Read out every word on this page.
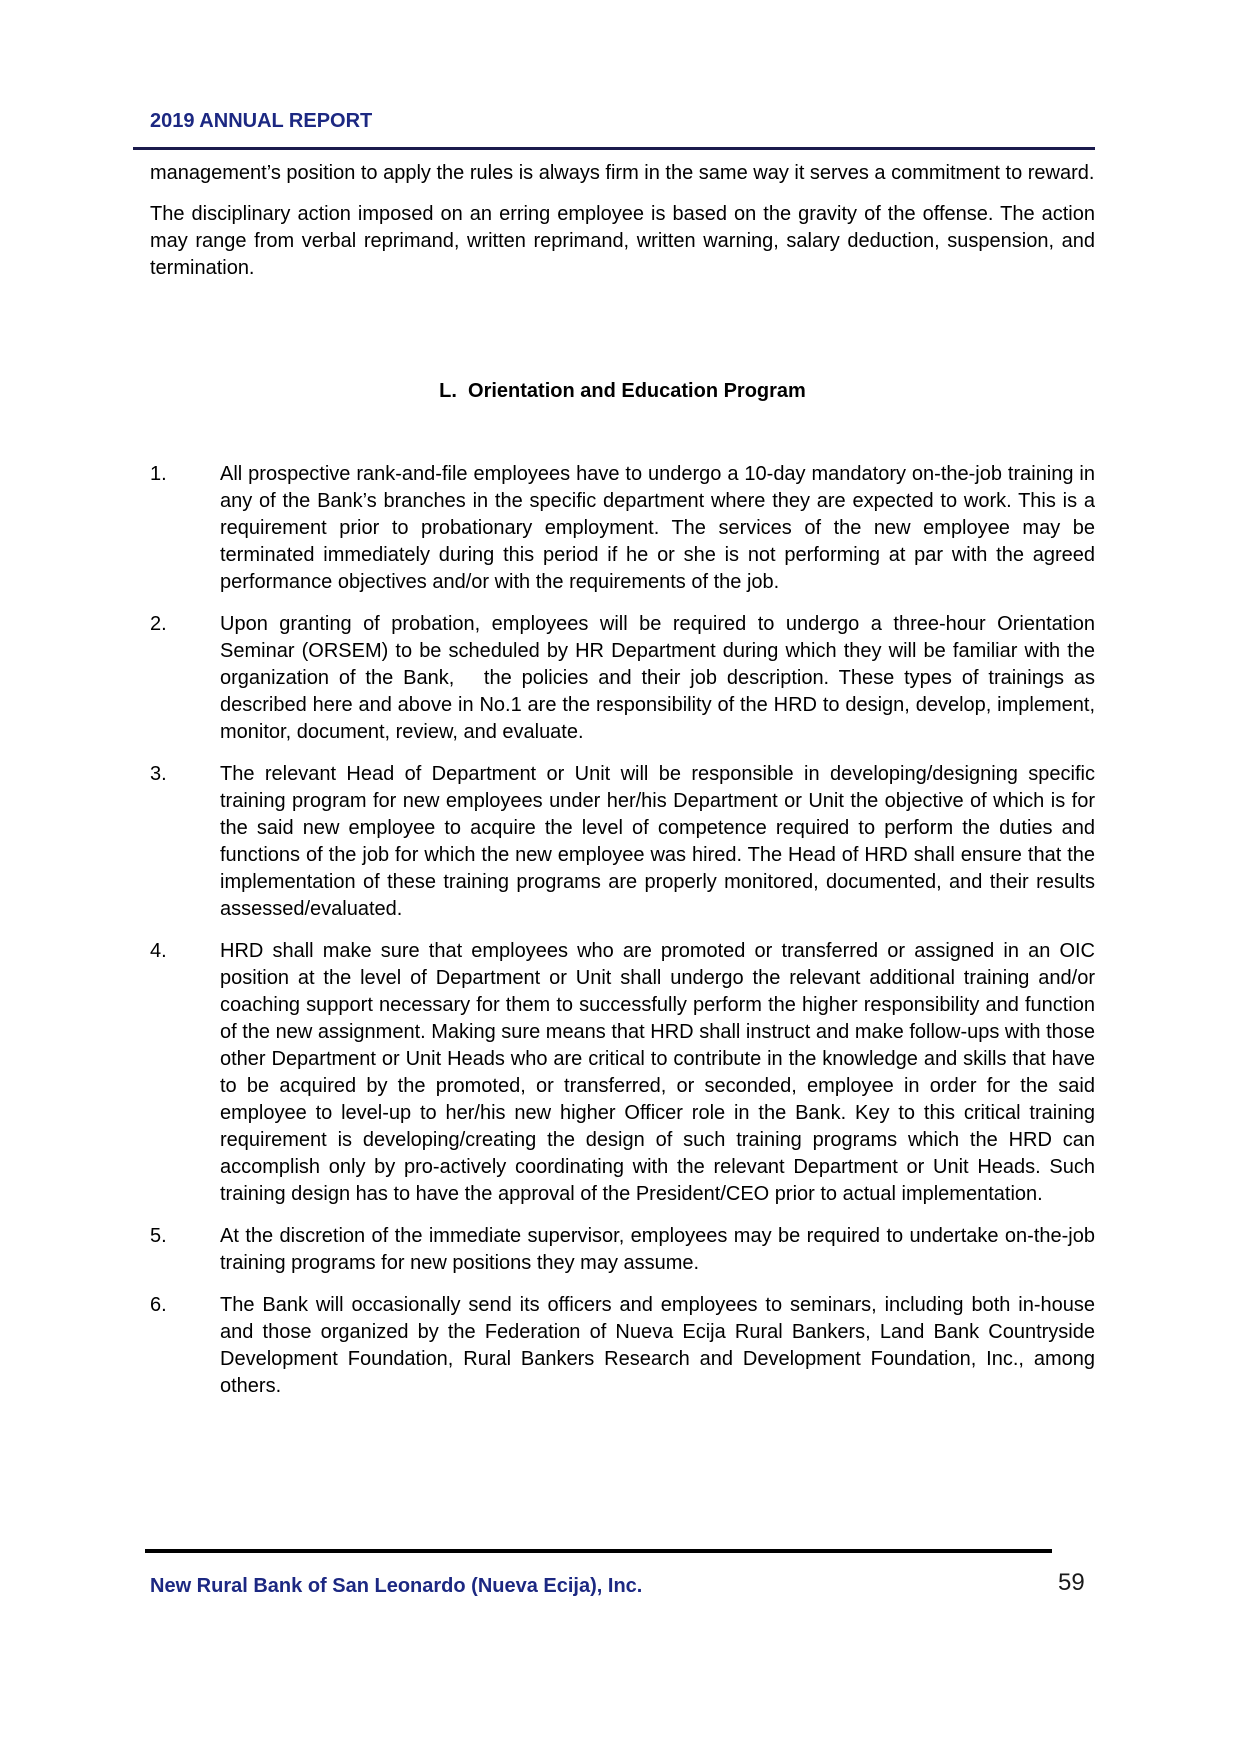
2019 ANNUAL REPORT

management’s position to apply the rules is always firm in the same way it serves a commitment to reward.

The disciplinary action imposed on an erring employee is based on the gravity of the offense. The action may range from verbal reprimand, written reprimand, written warning, salary deduction, suspension, and termination.

L.  Orientation and Education Program
1.	All prospective rank-and-file employees have to undergo a 10-day mandatory on-the-job training in any of the Bank’s branches in the specific department where they are expected to work. This is a requirement prior to probationary employment. The services of the new employee may be terminated immediately during this period if he or she is not performing at par with the agreed performance objectives and/or with the requirements of the job.
2.	Upon granting of probation, employees will be required to undergo a three-hour Orientation Seminar (ORSEM) to be scheduled by HR Department during which they will be familiar with the organization of the Bank,   the policies and their job description. These types of trainings as described here and above in No.1 are the responsibility of the HRD to design, develop, implement, monitor, document, review, and evaluate.
3.	The relevant Head of Department or Unit will be responsible in developing/designing specific training program for new employees under her/his Department or Unit the objective of which is for the said new employee to acquire the level of competence required to perform the duties and functions of the job for which the new employee was hired. The Head of HRD shall ensure that the implementation of these training programs are properly monitored, documented, and their results assessed/evaluated.
4.	HRD shall make sure that employees who are promoted or transferred or assigned in an OIC position at the level of Department or Unit shall undergo the relevant additional training and/or coaching support necessary for them to successfully perform the higher responsibility and function of the new assignment. Making sure means that HRD shall instruct and make follow-ups with those other Department or Unit Heads who are critical to contribute in the knowledge and skills that have to be acquired by the promoted, or transferred, or seconded, employee in order for the said employee to level-up to her/his new higher Officer role in the Bank. Key to this critical training requirement is developing/creating the design of such training programs which the HRD can accomplish only by pro-actively coordinating with the relevant Department or Unit Heads. Such training design has to have the approval of the President/CEO prior to actual implementation.
5.	At the discretion of the immediate supervisor, employees may be required to undertake on-the-job training programs for new positions they may assume.
6.	The Bank will occasionally send its officers and employees to seminars, including both in-house and those organized by the Federation of Nueva Ecija Rural Bankers, Land Bank Countryside Development Foundation, Rural Bankers Research and Development Foundation, Inc., among others.
New Rural Bank of San Leonardo (Nueva Ecija), Inc.	59
